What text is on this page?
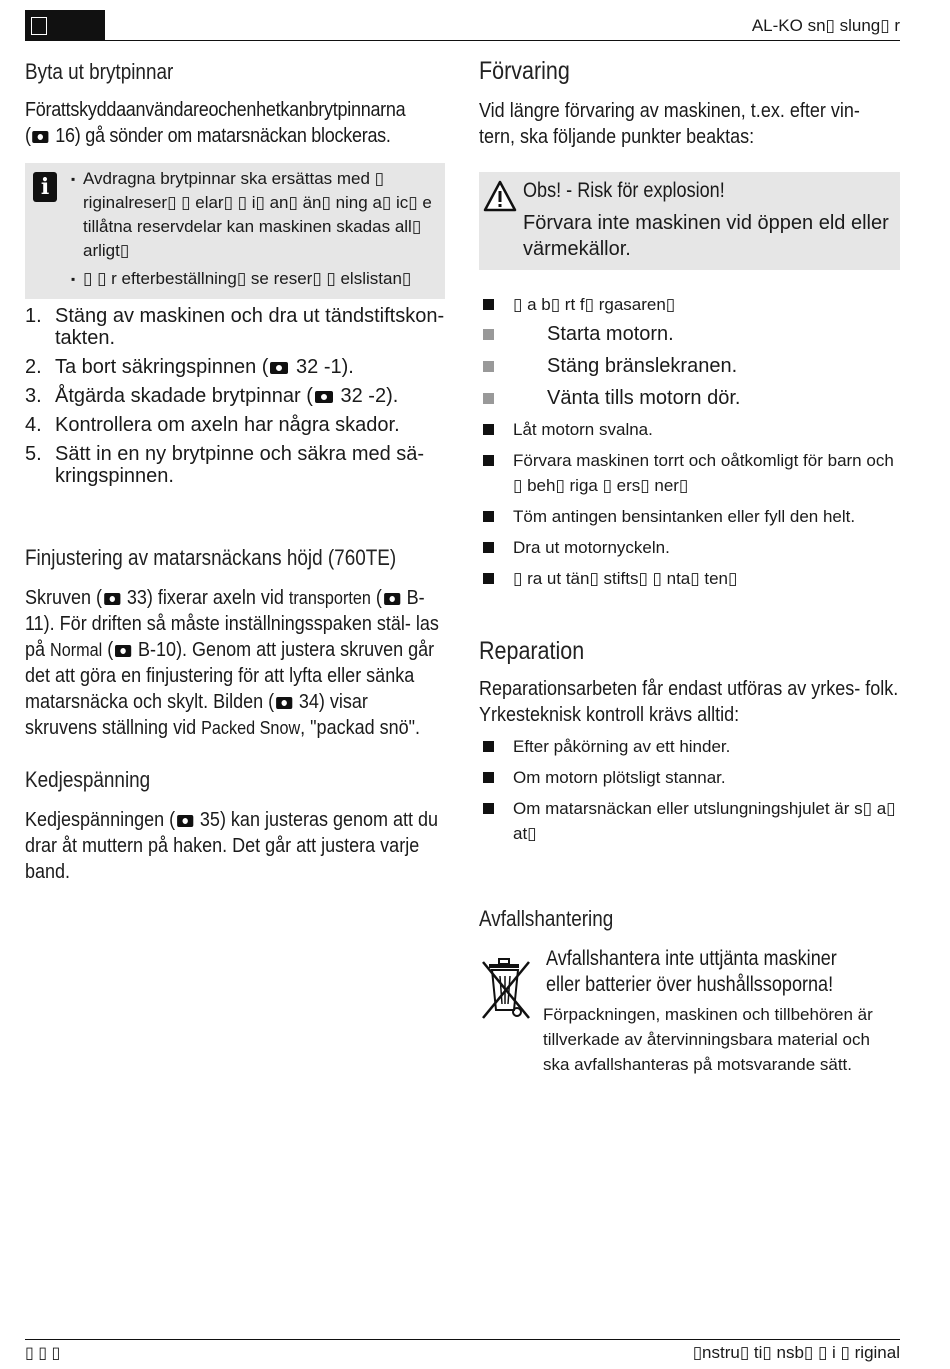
AL-KO sn▯ slung▯ r
Byta ut brytpinnar

Förattskyddaanvändareochenhetkanbrytpinnarna
( 16) gå sönder om matarsnäckan blockeras.

i
▪	Avdragna brytpinnar ska ersättas med ▯ riginalreser▯ ▯ elar▯ ▯ i▯ an▯ än▯ ning a▯ ic▯ e tillåtna reservdelar kan maskinen skadas all▯ arligt▯
▪ ▯ ▯ r efterbeställning▯ se reser▯ ▯ elslistan▯
1. Stäng av maskinen och dra ut tändstiftskon- takten.
2. Ta bort säkringspinnen ( 32 -1).
3. Åtgärda skadade brytpinnar ( 32 -2).
4. Kontrollera om axeln har några skador.
5. Sätt in en ny brytpinne och säkra med sä- kringspinnen.
Finjustering av matarsnäckans höjd (760TE)

Skruven ( 33) fixerar axeln vid transporten ( B-11). För driften så måste inställningsspaken stäl- las på Normal ( B-10). Genom att justera skruven går det att göra en finjustering för att lyfta eller sänka matarsnäcka och skylt. Bilden ( 34) visar skruvens ställning vid Packed Snow, "packad snö".

Kedjespänning

Kedjespänningen ( 35) kan justeras genom att du drar åt muttern på haken. Det går att justera varje band.

Förvaring

Vid längre förvaring av maskinen, t.ex. efter vin- tern, ska följande punkter beaktas:

Obs! - Risk för explosion!
Förvara inte maskinen vid öppen eld eller värmekällor.
▯ a b▯ rt f▯ rgasaren▯
Starta motorn.
Stäng bränslekranen.
Vänta tills motorn dör.
Låt motorn svalna.
Förvara maskinen torrt och oåtkomligt för barn och ▯ beh▯ riga ▯ ers▯ ner▯
Töm antingen bensintanken eller fyll den helt.
Dra ut motornyckeln.
▯ ra ut tän▯ stifts▯ ▯ nta▯ ten▯
Reparation

Reparationsarbeten får endast utföras av yrkes- folk.

Yrkesteknisk kontroll krävs alltid:

Efter påkörning av ett hinder.
Om motorn plötsligt stannar.
Om matarsnäckan eller utslungningshjulet är s▯ a▯ at▯
Avfallshantering
Avfallshantera inte uttjänta maskiner eller batterier över hushållssoporna!
Förpackningen, maskinen och tillbehören är tillverkade av återvinningsbara material och ska avfallshanteras på motsvarande sätt.
▯ ▯ ▯	▯nstru▯ ti▯ nsb▯ ▯ i ▯ riginal
